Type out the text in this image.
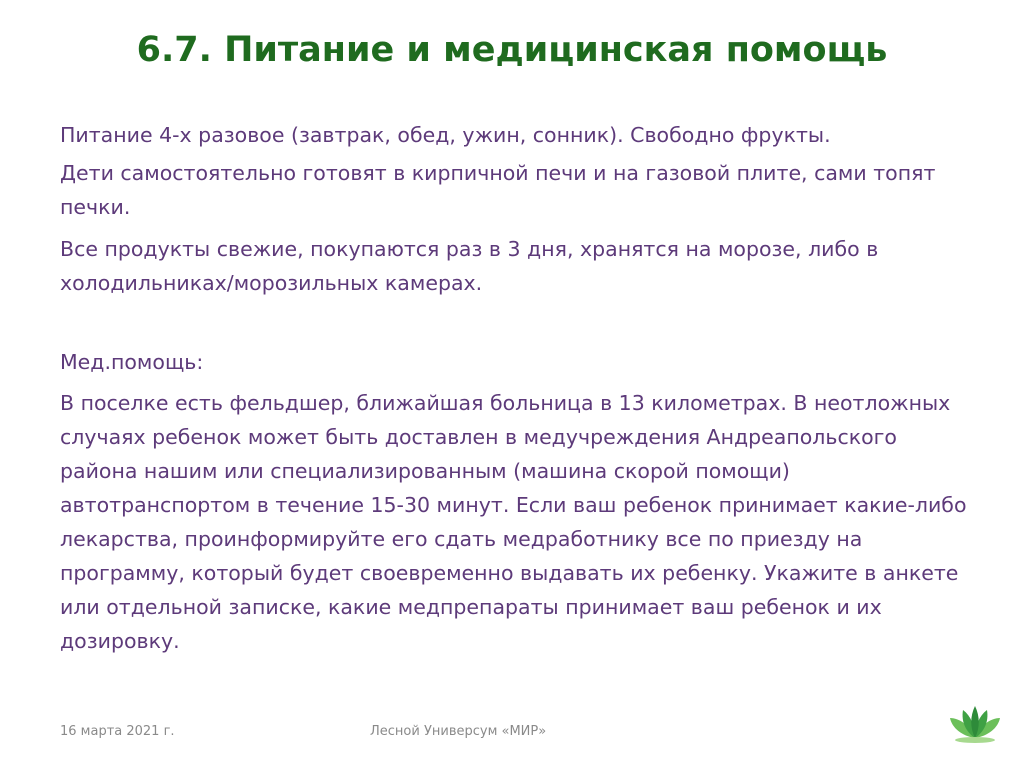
6.7. Питание и медицинская помощь

Питание 4-х разовое (завтрак, обед, ужин, сонник). Свободно фрукты.

Дети самостоятельно готовят в кирпичной печи и на газовой плите, сами топят печки.

Все продукты свежие, покупаются раз в 3 дня, хранятся на морозе, либо в холодильниках/морозильных камерах.

Мед.помощь:

В поселке есть фельдшер, ближайшая больница в 13 километрах. В неотложных случаях ребенок может быть доставлен в медучреждения Андреапольского района нашим или специализированным (машина скорой помощи) автотранспортом в течение 15-30 минут. Если ваш ребенок принимает какие-либо лекарства, проинформируйте его сдать медработнику все по приезду на программу, который будет своевременно выдавать их ребенку. Укажите в анкете или отдельной записке, какие медпрепараты принимает ваш ребенок и их дозировку.

16 марта 2021 г.	Лесной Универсум «МИР»
